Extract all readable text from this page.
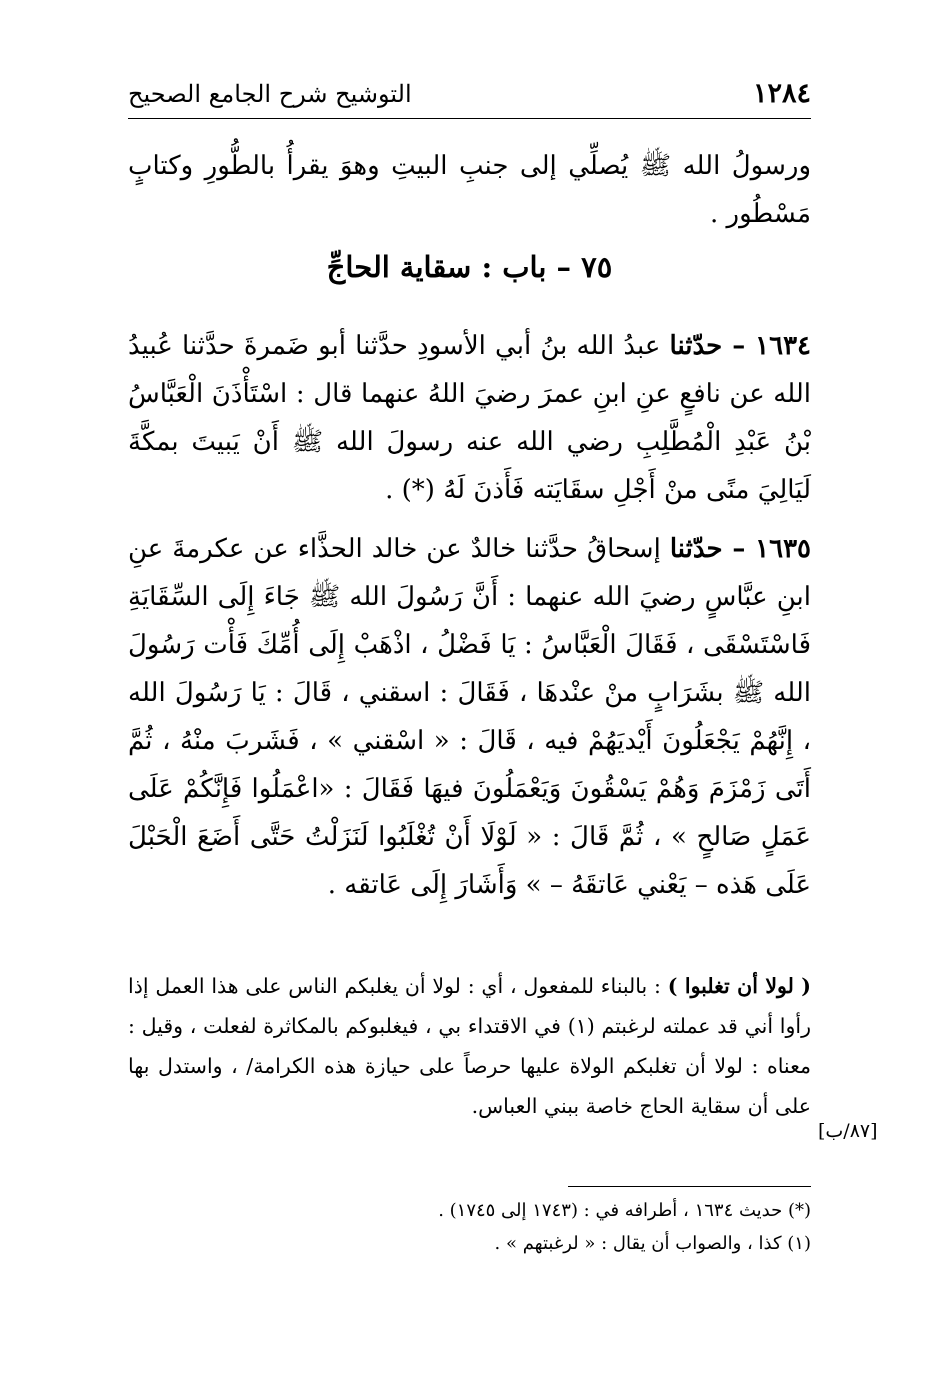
١٢٨٤
التوشيح شرح الجامع الصحيح

ورسولُ الله ﷺ يُصلِّي إلى جنبِ البيتِ وهوَ يقرأُ بالطُّورِ وكتابٍ مَسْطُور .

٧٥ – باب : سقاية الحاجِّ

١٦٣٤ – حدّثنا عبدُ الله بنُ أبي الأسودِ حدَّثنا أبو ضَمرةَ حدَّثنا عُبيدُ الله عن نافعٍ عنِ ابنِ عمرَ رضيَ اللهُ عنهما قال : اسْتَأْذَنَ الْعَبَّاسُ بْنُ عَبْدِ الْمُطَّلِبِ رضي الله عنه رسولَ الله ﷺ أَنْ يَبيتَ بمكَّةَ لَيَالِيَ منًى منْ أَجْلِ سقَايَته فَأَذنَ لَهُ (*) .

١٦٣٥ – حدّثنا إسحاقُ حدَّثنا خالدٌ عن خالد الحذَّاء عن عكرمةَ عنِ ابنِ عبَّاسٍ رضيَ الله عنهما : أَنَّ رَسُولَ الله ﷺ جَاءَ إِلَى السِّقَايَةِ فَاسْتَسْقَى ، فَقَالَ الْعَبَّاسُ : يَا فَضْلُ ، اذْهَبْ إِلَى أُمِّكَ فَأْت رَسُولَ الله ﷺ بشَرَابٍ منْ عنْدهَا ، فَقَالَ : اسقني ، قَالَ : يَا رَسُولَ الله ، إِنَّهُمْ يَجْعَلُونَ أَيْديَهُمْ فيه ، قَالَ : « اسْقني » ، فَشَربَ منْهُ ، ثُمَّ أَتَى زَمْزَمَ وَهُمْ يَسْقُونَ وَيَعْمَلُونَ فيهَا فَقَالَ : «اعْمَلُوا فَإِنَّكُمْ عَلَى عَمَلٍ صَالحٍ » ، ثُمَّ قَالَ : « لَوْلَا أَنْ تُغْلَبُوا لَنَزَلْتُ حَتَّى أَضَعَ الْحَبْلَ عَلَى هَذه – يَعْني عَاتقَهُ – » وَأَشَارَ إِلَى عَاتقه .

( لولا أن تغلبوا ) : بالبناء للمفعول ، أي : لولا أن يغلبكم الناس على هذا العمل إذا رأوا أني قد عملته لرغبتم (١) في الاقتداء بي ، فيغلبوكم بالمكاثرة لفعلت ، وقيل : معناه : لولا أن تغلبكم الولاة عليها حرصاً على حيازة هذه الكرامة/ ، واستدل بها على أن سقاية الحاج خاصة ببني العباس.

[٨٧/ب]
(*) حديث ١٦٣٤ ، أطرافه في : (١٧٤٣ إلى ١٧٤٥) .
(١) كذا ، والصواب أن يقال : « لرغبتهم » .
